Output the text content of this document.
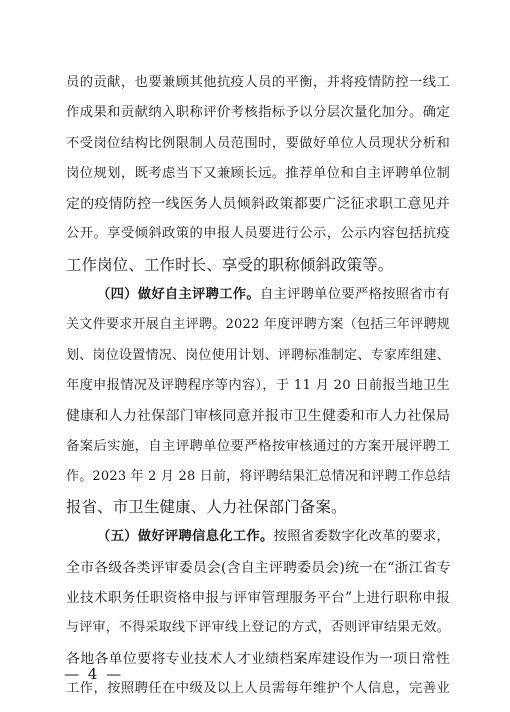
员的贡献，也要兼顾其他抗疫人员的平衡，并将疫情防控一线工
作成果和贡献纳入职称评价考核指标予以分层次量化加分。确定
不受岗位结构比例限制人员范围时，要做好单位人员现状分析和
岗位规划，既考虑当下又兼顾长远。推荐单位和自主评聘单位制
定的疫情防控一线医务人员倾斜政策都要广泛征求职工意见并
公开。享受倾斜政策的申报人员要进行公示，公示内容包括抗疫
工作岗位、工作时长、享受的职称倾斜政策等。
（四）做好自主评聘工作。自主评聘单位要严格按照省市有
关文件要求开展自主评聘。2022 年度评聘方案（包括三年评聘规
划、岗位设置情况、岗位使用计划、评聘标准制定、专家库组建、
年度申报情况及评聘程序等内容），于 11 月 20 日前报当地卫生
健康和人力社保部门审核同意并报市卫生健委和市人力社保局
备案后实施，自主评聘单位要严格按审核通过的方案开展评聘工
作。2023 年 2 月 28 日前，将评聘结果汇总情况和评聘工作总结
报省、市卫生健康、人力社保部门备案。
（五）做好评聘信息化工作。按照省委数字化改革的要求，
全市各级各类评审委员会(含自主评聘委员会)统一在“浙江省专
业技术职务任职资格申报与评审管理服务平台”上进行职称申报
与评审，不得采取线下评审线上登记的方式，否则评审结果无效。
各地各单位要将专业技术人才业绩档案库建设作为一项日常性
工作，按照聘任在中级及以上人员需每年维护个人信息，完善业
— 4 —
